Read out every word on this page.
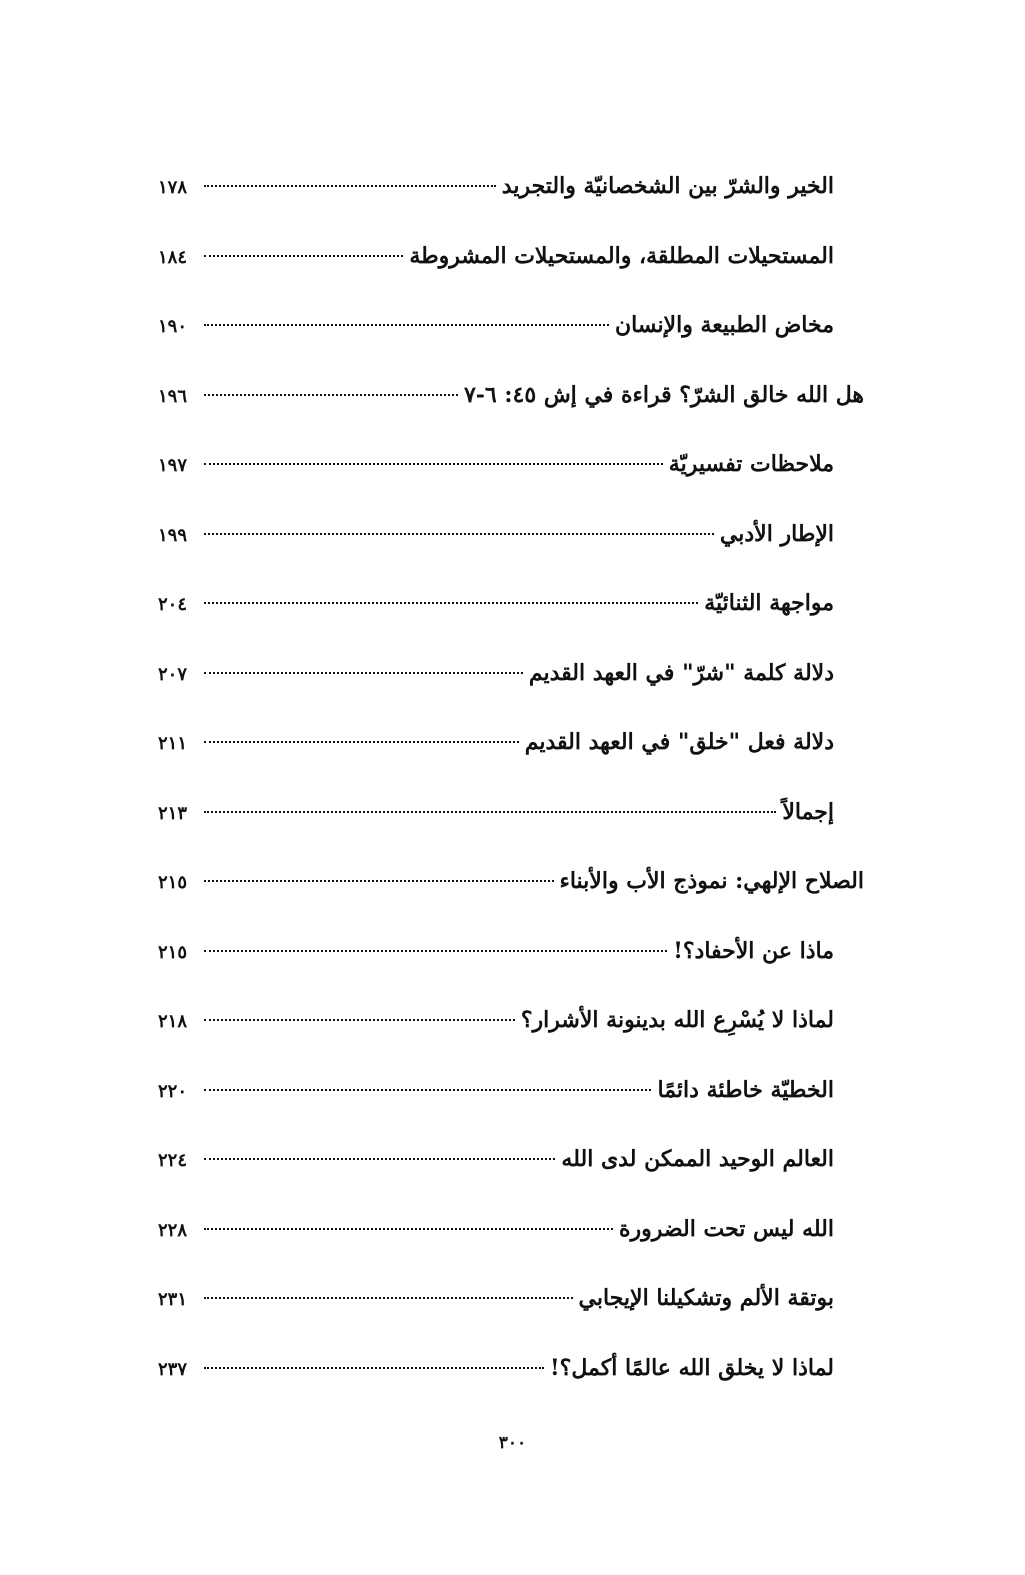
الخير والشرّ بين الشخصانيّة والتجريد
١٧٨
المستحيلات المطلقة، والمستحيلات المشروطة
١٨٤
مخاض الطبيعة والإنسان
١٩٠
هل الله خالق الشرّ؟ قراءة في إش ٤٥: ٦-٧
١٩٦
ملاحظات تفسيريّة
١٩٧
الإطار الأدبي
١٩٩
مواجهة الثنائيّة
٢٠٤
دلالة كلمة "شرّ" في العهد القديم
٢٠٧
دلالة فعل "خلق" في العهد القديم
٢١١
إجمالاً
٢١٣
الصلاح الإلهي: نموذج الأب والأبناء
٢١٥
ماذا عن الأحفاد؟!
٢١٥
لماذا لا يُسْرِع الله بدينونة الأشرار؟
٢١٨
الخطيّة خاطئة دائمًا
٢٢٠
العالم الوحيد الممكن لدى الله
٢٢٤
الله ليس تحت الضرورة
٢٢٨
بوتقة الألم وتشكيلنا الإيجابي
٢٣١
لماذا لا يخلق الله عالمًا أكمل؟!
٢٣٧
٣٠٠
